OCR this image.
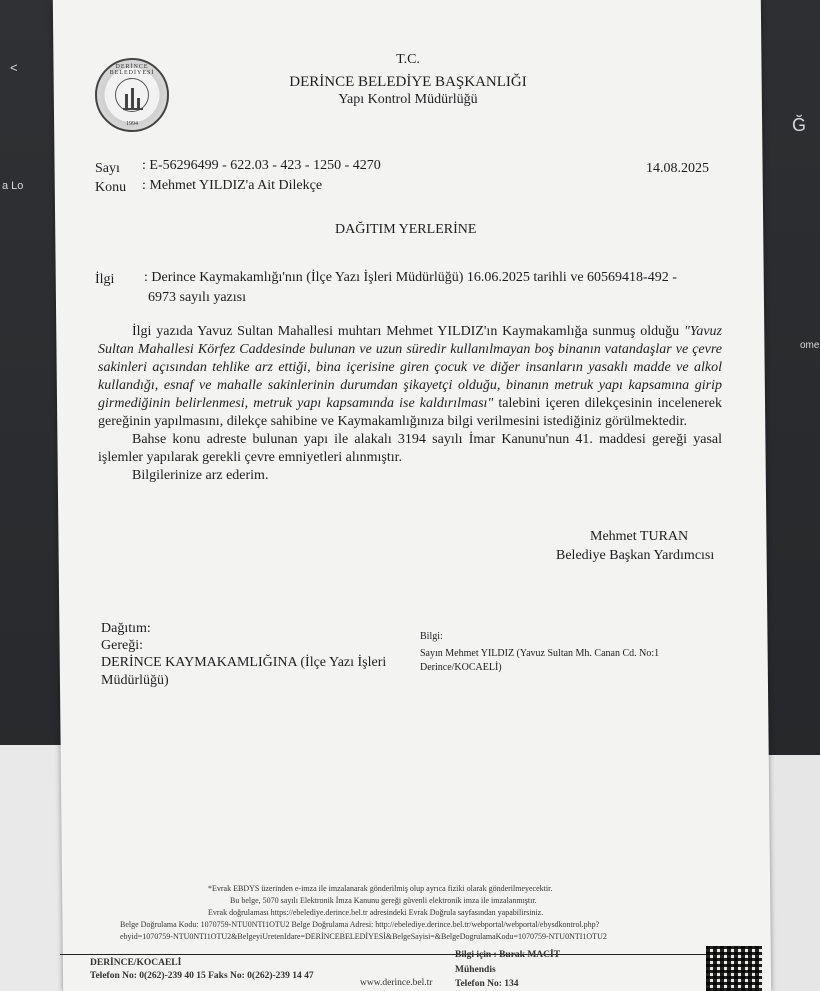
<
a Lo
Ğ
ome
DERİNCE BELEDİYESİ
1994
T.C.
DERİNCE BELEDİYE BAŞKANLIĞI
Yapı Kontrol Müdürlüğü
Sayı : E-56296499 - 622.03 - 423 - 1250 - 4270
Konu : Mehmet YILDIZ'a Ait Dilekçe
14.08.2025
DAĞITIM YERLERİNE
İlgi : Derince Kaymakamlığı'nın (İlçe Yazı İşleri Müdürlüğü) 16.06.2025 tarihli ve 60569418-492 -
6973 sayılı yazısı

İlgi yazıda Yavuz Sultan Mahallesi muhtarı Mehmet YILDIZ'ın Kaymakamlığa sunmuş olduğu "Yavuz Sultan Mahallesi Körfez Caddesinde bulunan ve uzun süredir kullanılmayan boş binanın vatandaşlar ve çevre sakinleri açısından tehlike arz ettiği, bina içerisine giren çocuk ve diğer insanların yasaklı madde ve alkol kullandığı, esnaf ve mahalle sakinlerinin durumdan şikayetçi olduğu, binanın metruk yapı kapsamına girip girmediğinin belirlenmesi, metruk yapı kapsamında ise kaldırılması" talebini içeren dilekçesinin incelenerek gereğinin yapılmasını, dilekçe sahibine ve Kaymakamlığınıza bilgi verilmesini istediğiniz görülmektedir.

Bahse konu adreste bulunan yapı ile alakalı 3194 sayılı İmar Kanunu'nun 41. maddesi gereği yasal işlemler yapılarak gerekli çevre emniyetleri alınmıştır.

Bilgilerinize arz ederim.

Mehmet TURAN
Belediye Başkan Yardımcısı
Dağıtım:
Gereği:
DERİNCE KAYMAKAMLIĞINA (İlçe Yazı İşleri
Müdürlüğü)
Bilgi:
Sayın Mehmet YILDIZ (Yavuz Sultan Mh. Canan Cd. No:1
Derince/KOCAELİ)
*Evrak EBDYS üzerinden e-imza ile imzalanarak gönderilmiş olup ayrıca fiziki olarak gönderilmeyecektir.
Bu belge, 5070 sayılı Elektronik İmza Kanunu gereği güvenli elektronik imza ile imzalanmıştır.
Evrak doğrulaması https://ebelediye.derince.bel.tr adresindeki Evrak Doğrula sayfasından yapabilirsiniz.
Belge Doğrulama Kodu: 1070759-NTU0NTI1OTU2 Belge Doğrulama Adresi: http://ebelediye.derince.bel.tr/webportal/webportal/ebysdkontrol.php?
ebyid=1070759-NTU0NTI1OTU2&BelgeyiUretenIdare=DERİNCEBELEDİYESİ&BelgeSayisi=&BelgeDogrulamaKodu=1070759-NTU0NTI1OTU2
DERİNCE/KOCAELİ
Telefon No: 0(262)-239 40 15 Faks No: 0(262)-239 14 47
www.derince.bel.tr
Bilgi için : Burak MACİT
Mühendis
Telefon No: 134
